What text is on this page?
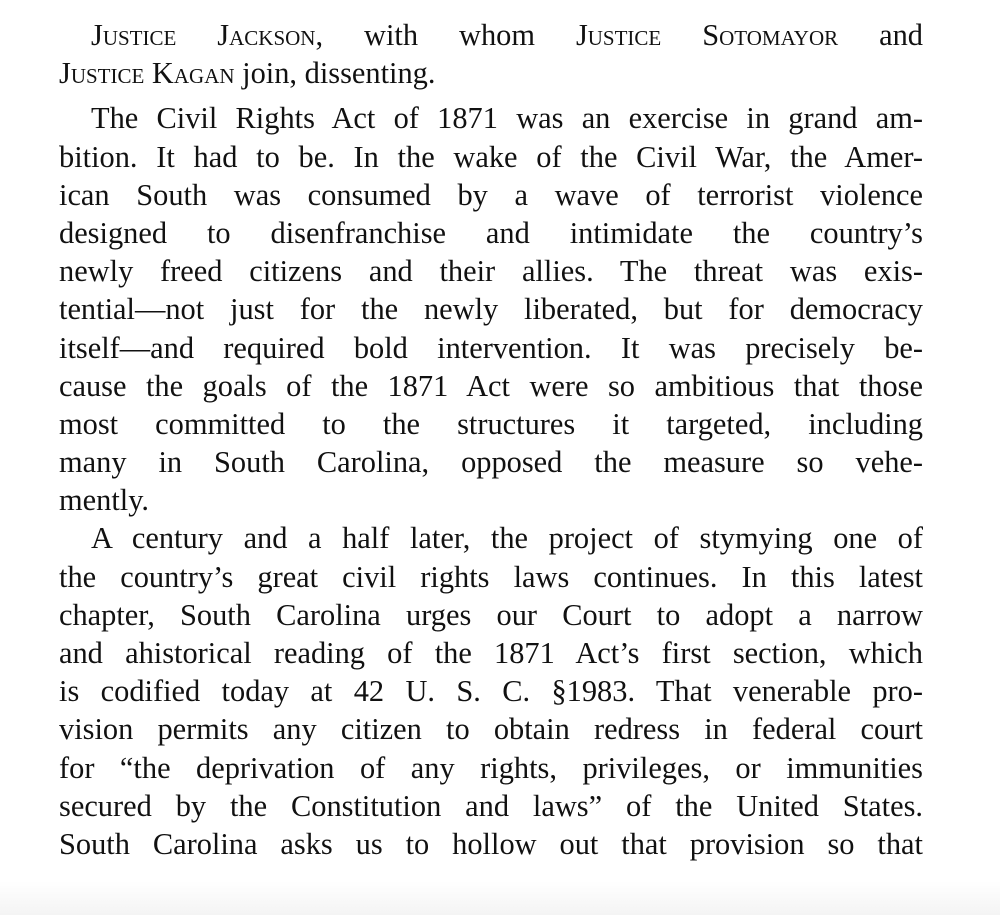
Justice Jackson, with whom Justice Sotomayor and
Justice Kagan join, dissenting.
The Civil Rights Act of 1871 was an exercise in grand am-
bition. It had to be. In the wake of the Civil War, the Amer-
ican South was consumed by a wave of terrorist violence
designed to disenfranchise and intimidate the country’s
newly freed citizens and their allies. The threat was exis-
tential—not just for the newly liberated, but for democracy
itself—and required bold intervention. It was precisely be-
cause the goals of the 1871 Act were so ambitious that those
most committed to the structures it targeted, including
many in South Carolina, opposed the measure so vehe-
mently.
A century and a half later, the project of stymying one of
the country’s great civil rights laws continues. In this latest
chapter, South Carolina urges our Court to adopt a narrow
and ahistorical reading of the 1871 Act’s first section, which
is codified today at 42 U. S. C. §1983. That venerable pro-
vision permits any citizen to obtain redress in federal court
for “the deprivation of any rights, privileges, or immunities
secured by the Constitution and laws” of the United States.
South Carolina asks us to hollow out that provision so that
